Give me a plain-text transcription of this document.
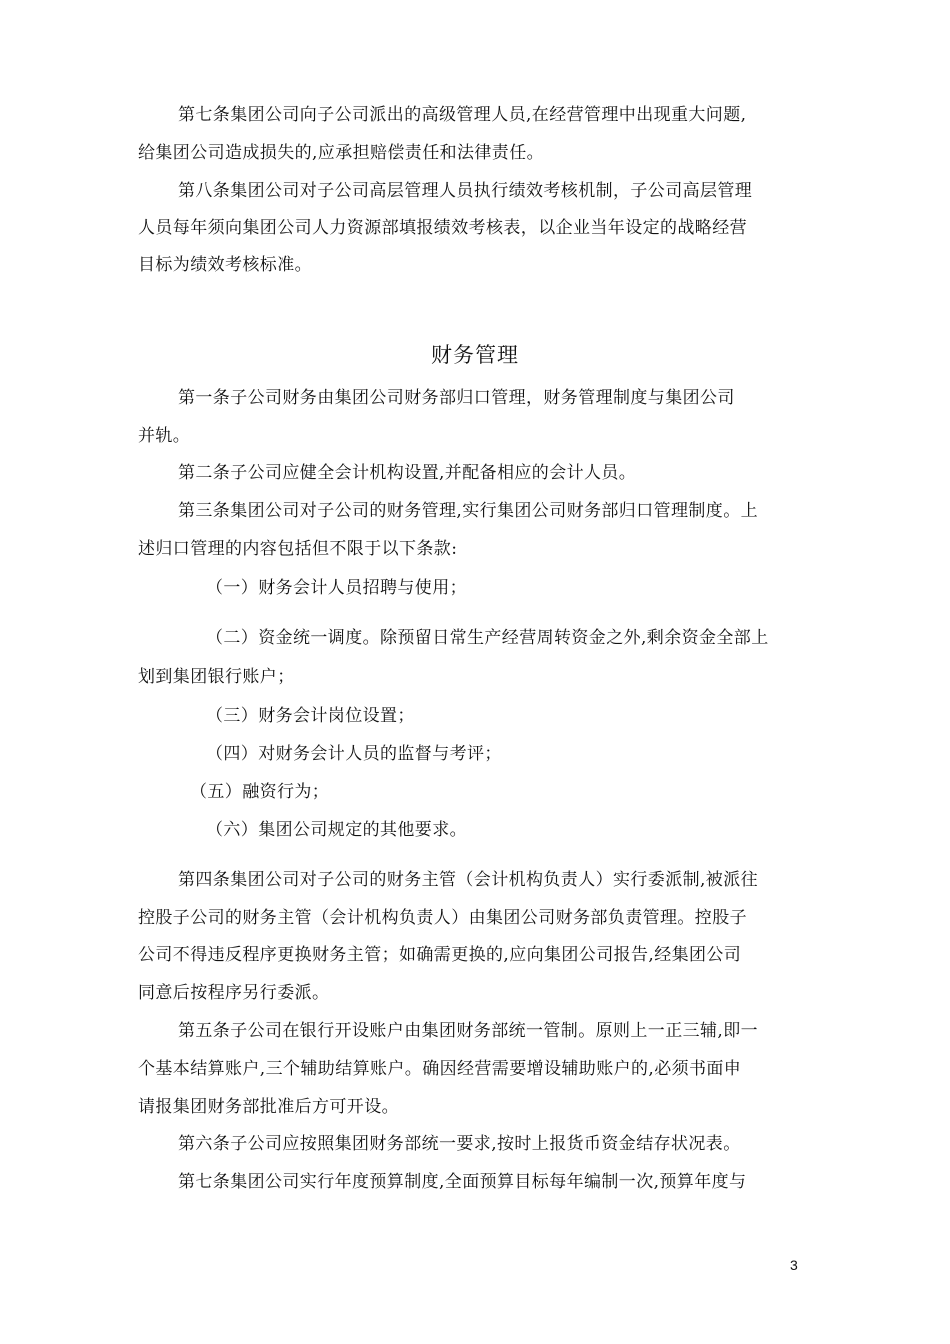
第七条集团公司向子公司派出的高级管理人员,在经营管理中出现重大问题,
给集团公司造成损失的,应承担赔偿责任和法律责任。
第八条集团公司对子公司高层管理人员执行绩效考核机制，子公司高层管理
人员每年须向集团公司人力资源部填报绩效考核表，以企业当年设定的战略经营
目标为绩效考核标准。
财务管理
第一条子公司财务由集团公司财务部归口管理，财务管理制度与集团公司
并轨。
第二条子公司应健全会计机构设置,并配备相应的会计人员。
第三条集团公司对子公司的财务管理,实行集团公司财务部归口管理制度。上
述归口管理的内容包括但不限于以下条款:
（一）财务会计人员招聘与使用；
（二）资金统一调度。除预留日常生产经营周转资金之外,剩余资金全部上
划到集团银行账户；
（三）财务会计岗位设置；
（四）对财务会计人员的监督与考评；
（五）融资行为；
（六）集团公司规定的其他要求。
第四条集团公司对子公司的财务主管（会计机构负责人）实行委派制,被派往
控股子公司的财务主管（会计机构负责人）由集团公司财务部负责管理。控股子
公司不得违反程序更换财务主管；如确需更换的,应向集团公司报告,经集团公司
同意后按程序另行委派。
第五条子公司在银行开设账户由集团财务部统一管制。原则上一正三辅,即一
个基本结算账户,三个辅助结算账户。确因经营需要增设辅助账户的,必须书面申
请报集团财务部批准后方可开设。
第六条子公司应按照集团财务部统一要求,按时上报货币资金结存状况表。
第七条集团公司实行年度预算制度,全面预算目标每年编制一次,预算年度与
3
